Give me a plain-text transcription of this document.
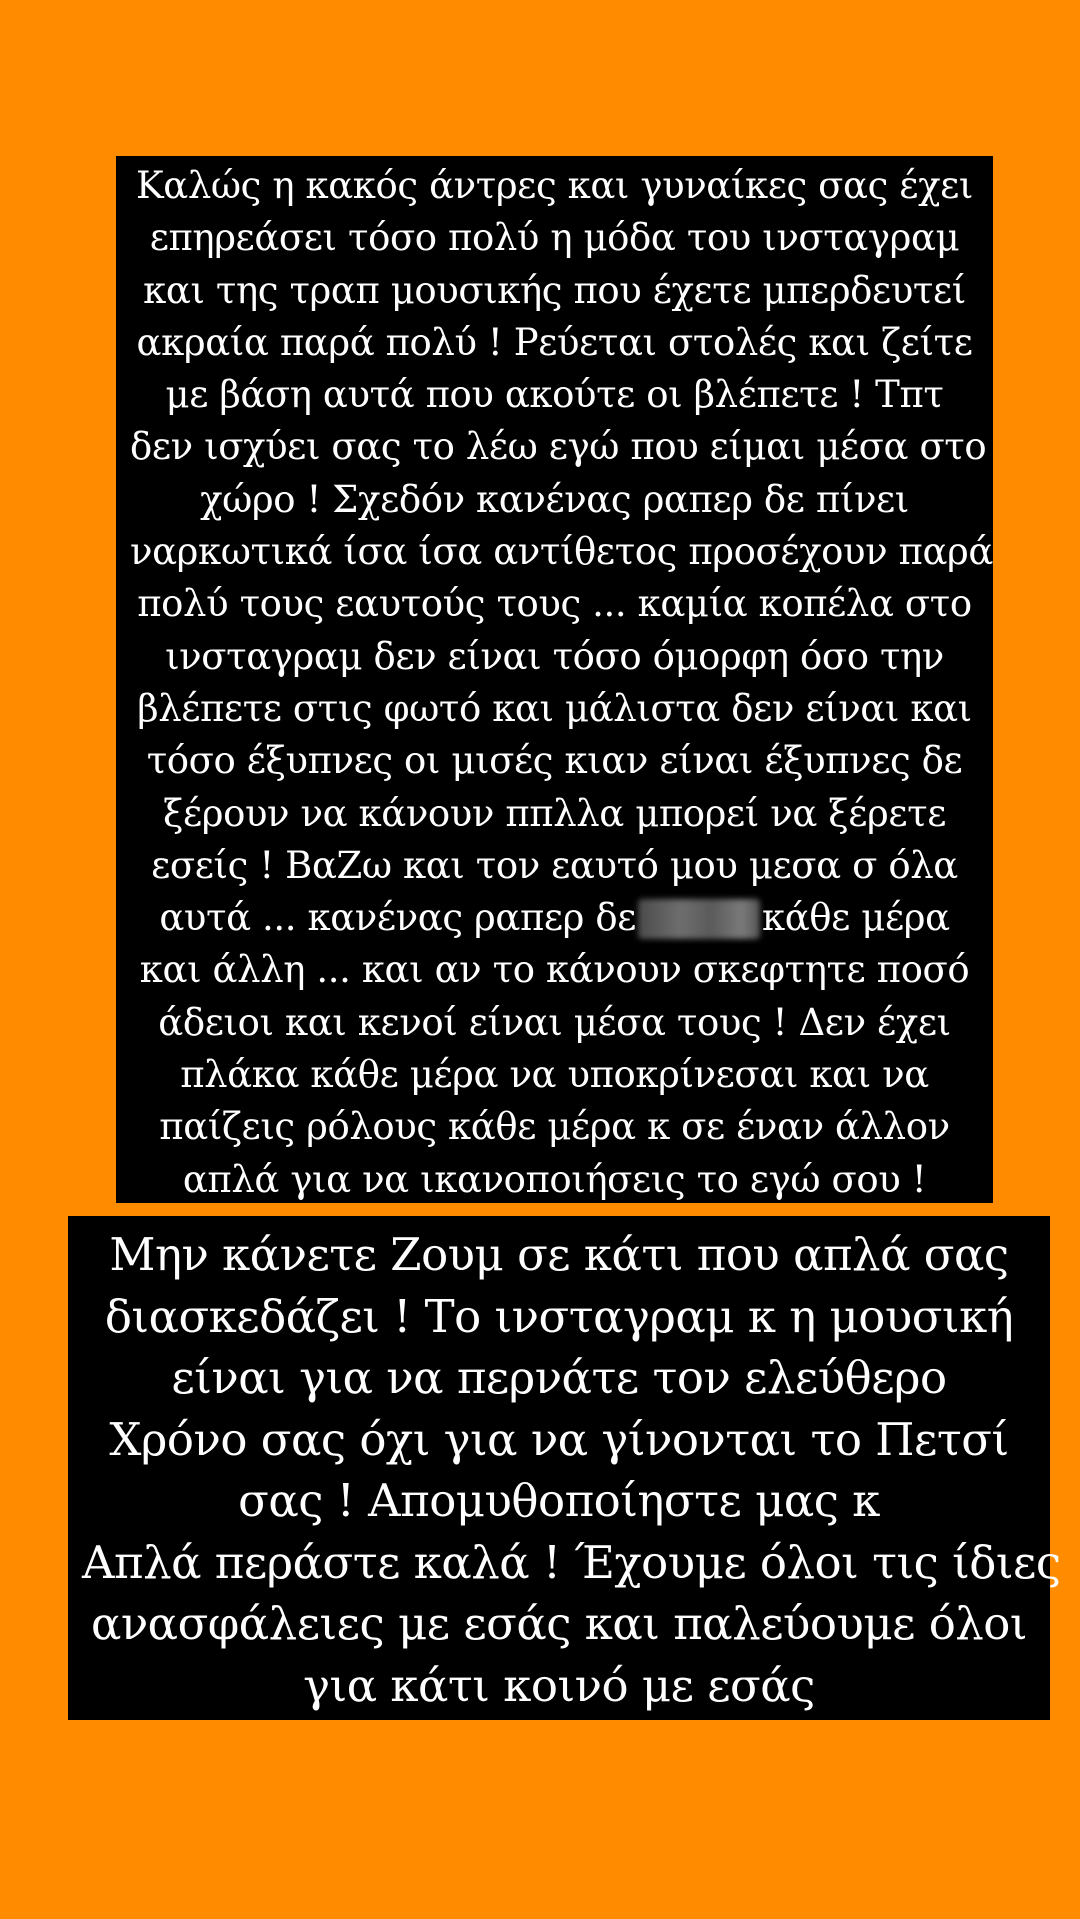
Καλώς η κακός άντρες και γυναίκες σας έχει
επηρεάσει τόσο πολύ η μόδα του ινσταγραμ
και της τραπ μουσικής που έχετε μπερδευτεί
ακραία παρά πολύ ! Ρεύεται στολές και ζείτε
με βάση αυτά που ακούτε οι βλέπετε ! Τπτ
δεν ισχύει σας το λέω εγώ που είμαι μέσα στο
χώρο ! Σχεδόν κανένας ραπερ δε πίνει
ναρκωτικά ίσα ίσα αντίθετος προσέχουν παρά
πολύ τους εαυτούς τους ... καμία κοπέλα στο
ινσταγραμ δεν είναι τόσο όμορφη όσο την
βλέπετε στις φωτό και μάλιστα δεν είναι και
τόσο έξυπνες οι μισές κιαν είναι έξυπνες δε
ξέρουν να κάνουν ππλλα μπορεί να ξέρετε
εσείς ! ΒαΖω και τον εαυτό μου μεσα σ όλα
αυτά ... κανένας ραπερ δε	κάθε μέρα
και άλλη ... και αν το κάνουν σκεφτητε ποσό
άδειοι και κενοί είναι μέσα τους ! Δεν έχει
πλάκα κάθε μέρα να υποκρίνεσαι και να
παίζεις ρόλους κάθε μέρα κ σε έναν άλλον
απλά για να ικανοποιήσεις το εγώ σου !
Μην κάνετε Ζουμ σε κάτι που απλά σας
διασκεδάζει ! Το ινσταγραμ κ η μουσική
είναι για να περνάτε τον ελεύθερο
Χρόνο σας όχι για να γίνονται το Πετσί
σας ! Απομυθοποίηστε μας κ
Απλά περάστε καλά ! Έχουμε όλοι τις ίδιες
ανασφάλειες με εσάς και παλεύουμε όλοι
για κάτι κοινό με εσάς
